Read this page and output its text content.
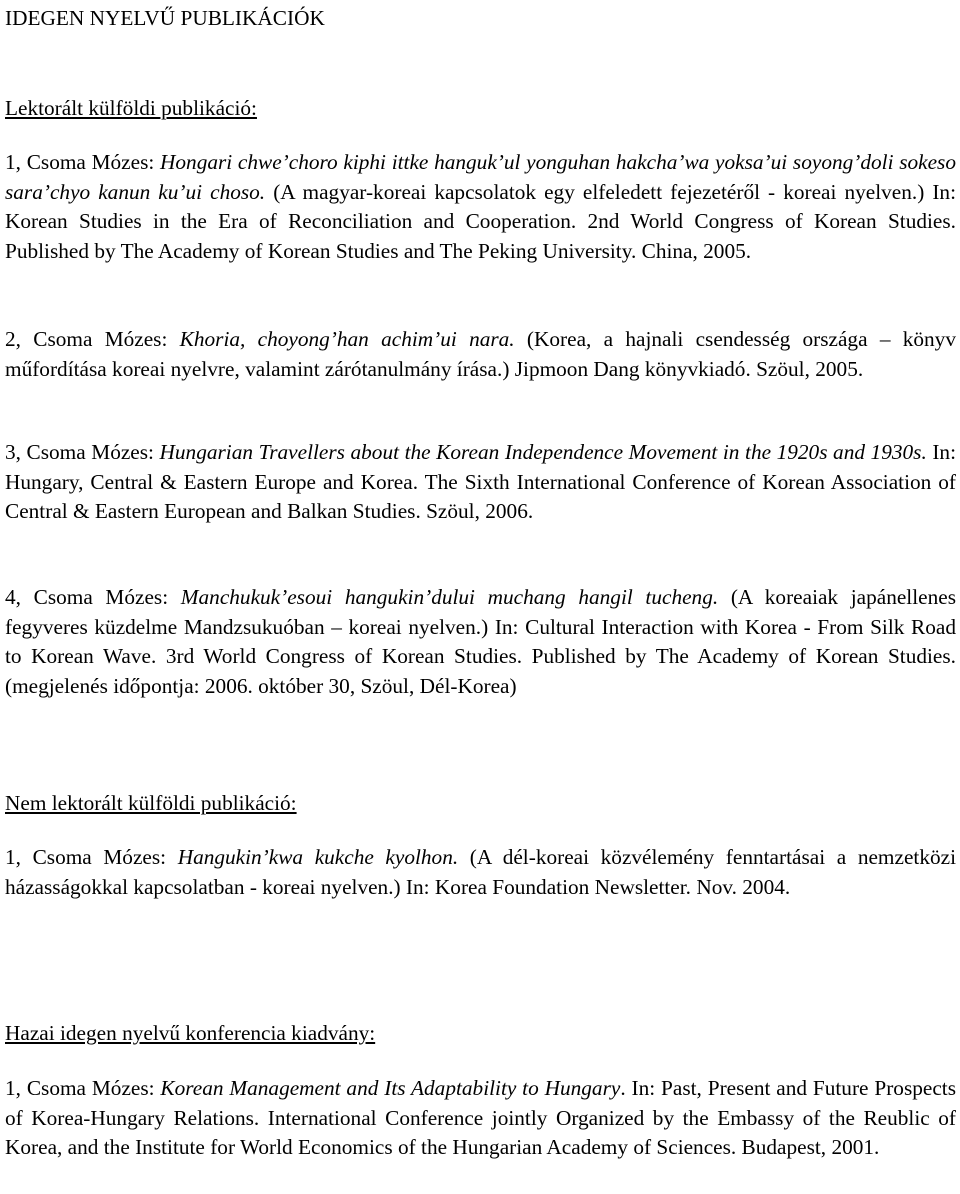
IDEGEN NYELVŰ PUBLIKÁCIÓK
Lektorált külföldi publikáció:
1, Csoma Mózes: Hongari chwe’choro kiphi ittke hanguk’ul yonguhan hakcha’wa yoksa’ui soyong’doli sokeso sara’chyo kanun ku’ui choso. (A magyar-koreai kapcsolatok egy elfeledett fejezetéről - koreai nyelven.) In: Korean Studies in the Era of Reconciliation and Cooperation. 2nd World Congress of Korean Studies. Published by The Academy of Korean Studies and The Peking University. China, 2005.
2, Csoma Mózes: Khoria, choyong’han achim’ui nara. (Korea, a hajnali csendesség országa – könyv műfordítása koreai nyelvre, valamint zárótanulmány írása.) Jipmoon Dang könyvkiadó. Szöul, 2005.
3, Csoma Mózes: Hungarian Travellers about the Korean Independence Movement in the 1920s and 1930s. In: Hungary, Central & Eastern Europe and Korea. The Sixth International Conference of Korean Association of Central & Eastern European and Balkan Studies. Szöul, 2006.
4, Csoma Mózes: Manchukuk’esoui hangukin’dului muchang hangil tucheng. (A koreaiak japánellenes fegyveres küzdelme Mandzsukuóban – koreai nyelven.) In: Cultural Interaction with Korea - From Silk Road to Korean Wave. 3rd World Congress of Korean Studies. Published by The Academy of Korean Studies. (megjelenés időpontja: 2006. október 30, Szöul, Dél-Korea)
Nem lektorált külföldi publikáció:
1, Csoma Mózes: Hangukin’kwa kukche kyolhon. (A dél-koreai közvélemény fenntartásai a nemzetközi házasságokkal kapcsolatban - koreai nyelven.) In: Korea Foundation Newsletter. Nov. 2004.
Hazai idegen nyelvű konferencia kiadvány:
1, Csoma Mózes: Korean Management and Its Adaptability to Hungary. In: Past, Present and Future Prospects of Korea-Hungary Relations. International Conference jointly Organized by the Embassy of the Reublic of Korea, and the Institute for World Economics of the Hungarian Academy of Sciences. Budapest, 2001.
